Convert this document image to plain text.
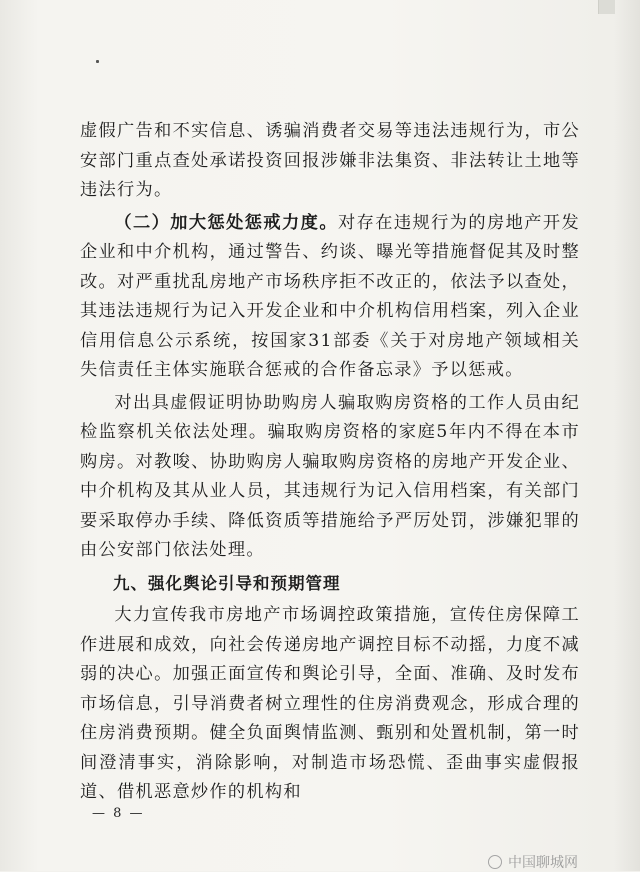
虚假广告和不实信息、诱骗消费者交易等违法违规行为，市公安部门重点查处承诺投资回报涉嫌非法集资、非法转让土地等违法行为。

（二）加大惩处惩戒力度。对存在违规行为的房地产开发企业和中介机构，通过警告、约谈、曝光等措施督促其及时整改。对严重扰乱房地产市场秩序拒不改正的，依法予以查处，其违法违规行为记入开发企业和中介机构信用档案，列入企业信用信息公示系统，按国家31部委《关于对房地产领域相关失信责任主体实施联合惩戒的合作备忘录》予以惩戒。

对出具虚假证明协助购房人骗取购房资格的工作人员由纪检监察机关依法处理。骗取购房资格的家庭5年内不得在本市购房。对教唆、协助购房人骗取购房资格的房地产开发企业、中介机构及其从业人员，其违规行为记入信用档案，有关部门要采取停办手续、降低资质等措施给予严厉处罚，涉嫌犯罪的由公安部门依法处理。

九、强化舆论引导和预期管理

大力宣传我市房地产市场调控政策措施，宣传住房保障工作进展和成效，向社会传递房地产调控目标不动摇，力度不减弱的决心。加强正面宣传和舆论引导，全面、准确、及时发布市场信息，引导消费者树立理性的住房消费观念，形成合理的住房消费预期。健全负面舆情监测、甄别和处置机制，第一时间澄清事实，消除影响，对制造市场恐慌、歪曲事实虚假报道、借机恶意炒作的机构和

— 8 —
中国聊城网
